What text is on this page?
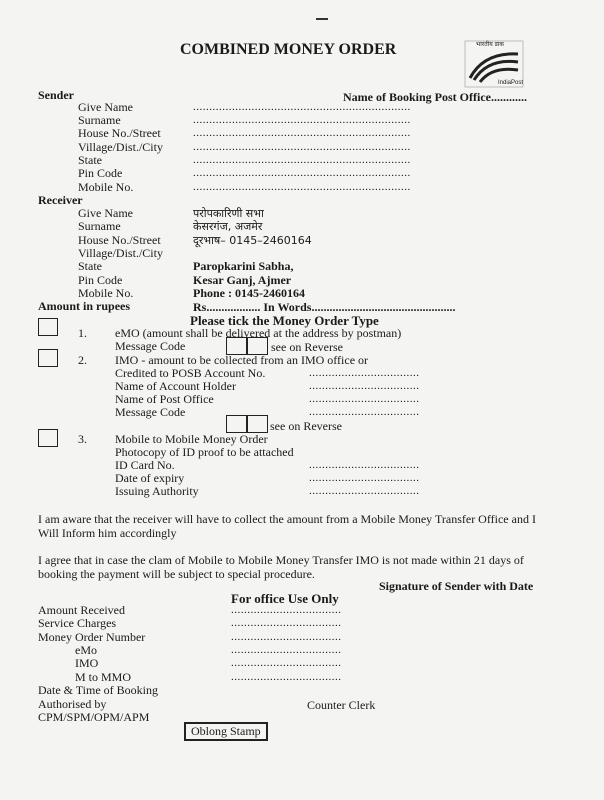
COMBINED MONEY ORDER	भारतीय डाक
IndiaPost
Sender	Name of Booking Post Office............
Give Name	...................................................................
Surname	...................................................................
House No./Street	...................................................................
Village/Dist./City	...................................................................
State	...................................................................
Pin Code	...................................................................
Mobile No.	...................................................................
Receiver
Give Name	परोपकारिणी सभा
Surname	केसरगंज, अजमेर
House No./Street	दूरभाष– 0145–2460164
Village/Dist./City
State	Paropkarini Sabha,
Pin Code	Kesar Ganj, Ajmer
Mobile No.	Phone : 0145-2460164
Amount in rupees	Rs.................. In Words................................................
Please tick the Money Order Type
1. eMO (amount shall be delivered at the address by postman)
Message Code	see on Reverse
2. IMO - amount to be collected from an IMO office or
Credited to POSB Account No.	..................................
Name of Account Holder	..................................
Name of Post Office	..................................
Message Code	..................................
see on Reverse
3. Mobile to Mobile Money Order
Photocopy of ID proof to be attached
ID Card No.	..................................
Date of expiry	..................................
Issuing Authority	..................................
I am aware that the receiver will have to collect the amount from a Mobile Money Transfer Office and I Will Inform him accordingly
I agree that in case the clam of Mobile to Mobile Money Transfer IMO is not made within 21 days of booking the payment will be subject to special procedure.
Signature of Sender with Date
For office Use Only
Amount Received	..................................
Service Charges	..................................
Money Order Number	..................................
eMo	..................................
IMO	..................................
M to MMO	..................................
Date & Time of Booking
Authorised by
CPM/SPM/OPM/APM
Counter Clerk
Oblong Stamp
